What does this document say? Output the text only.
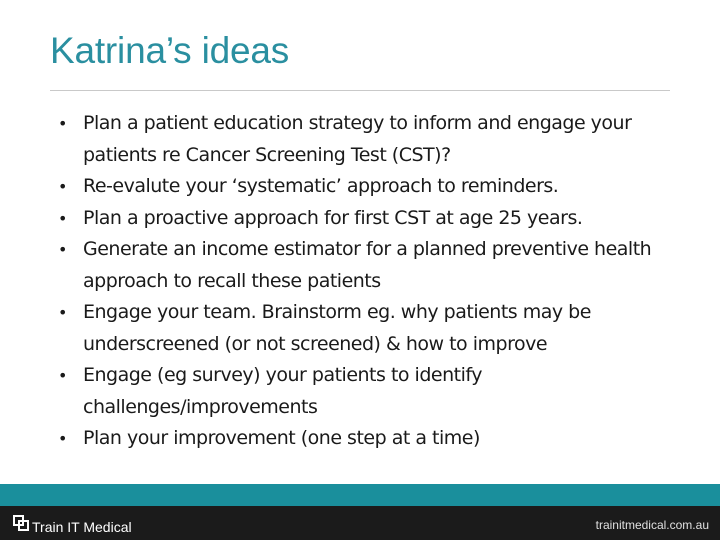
Katrina’s ideas
• Plan a patient education strategy to inform and engage your patients re Cancer Screening Test (CST)?
• Re-evalute your ‘systematic’ approach to reminders.
• Plan a proactive approach for first CST at age 25 years.
• Generate an income estimator for a planned preventive health approach to recall these patients
• Engage your team. Brainstorm eg. why patients may be underscreened (or not screened) & how to improve
• Engage (eg survey) your patients to identify challenges/improvements
• Plan your improvement (one step at a time)
Train IT Medical	trainitmedical.com.au
